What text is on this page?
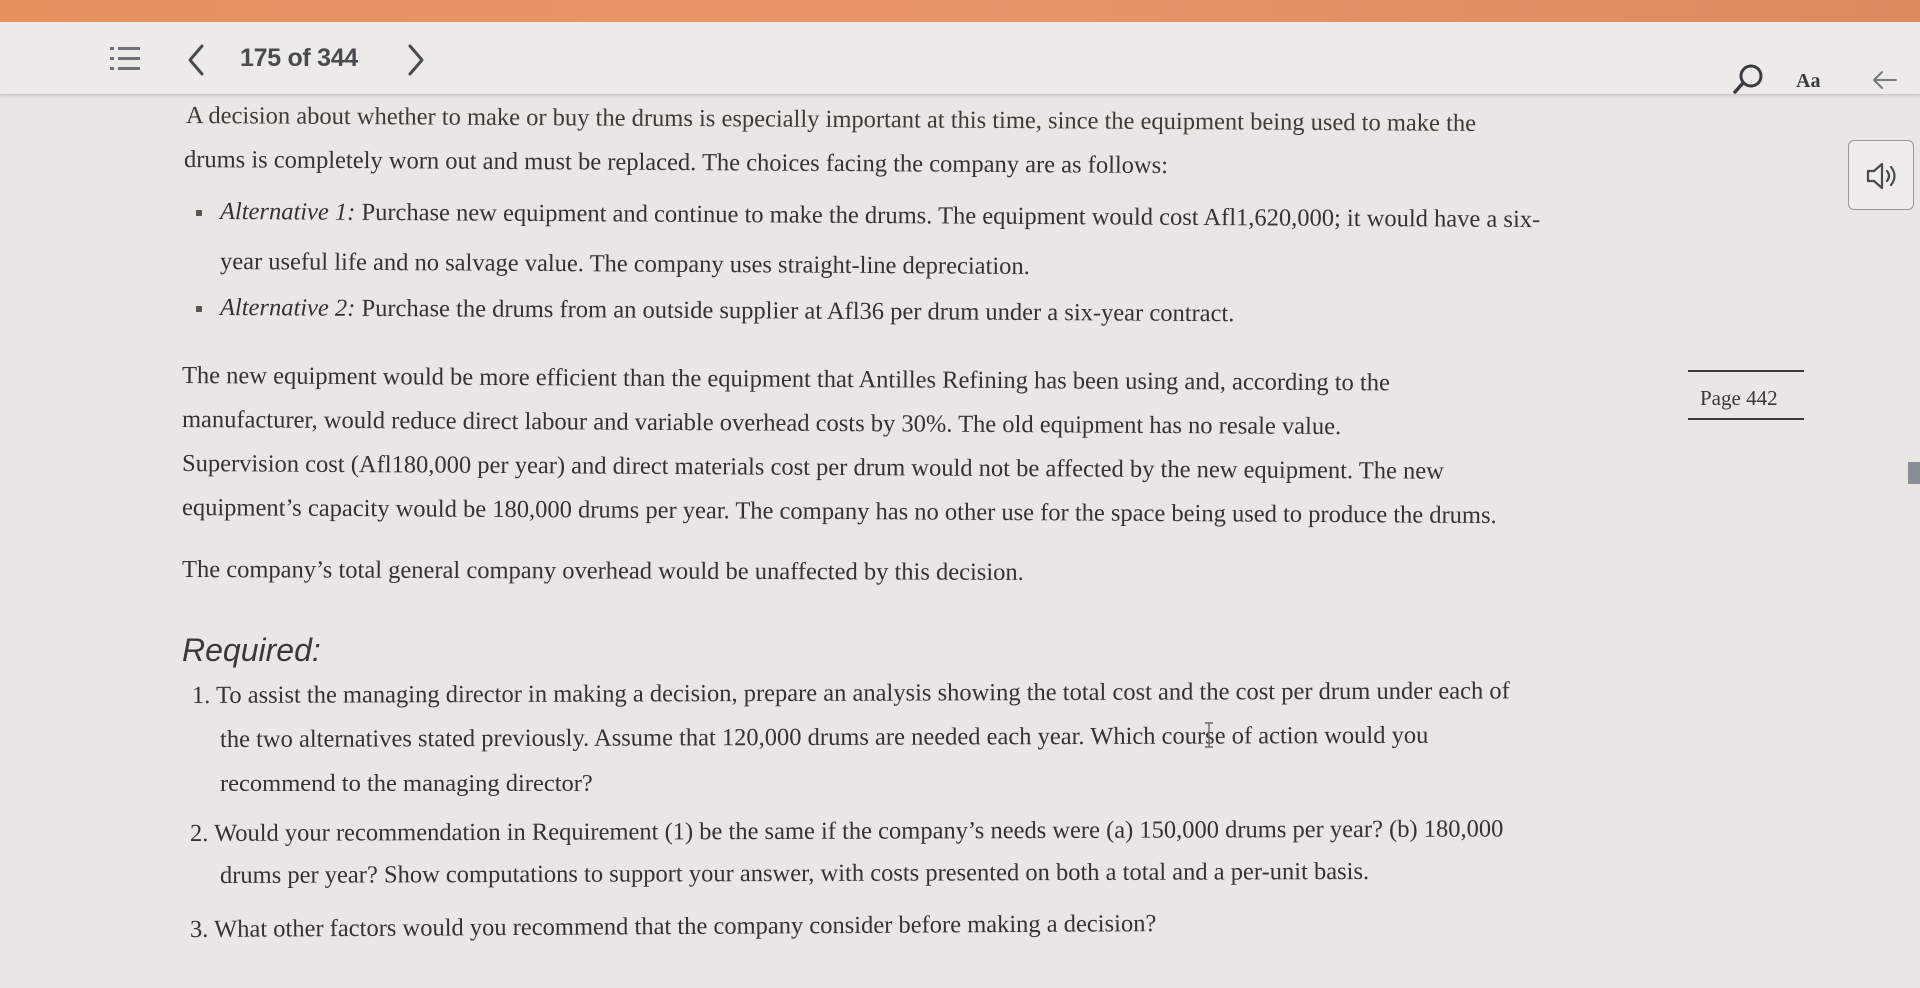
A decision about whether to make or buy the drums is especially important at this time, since the equipment being used to make the
drums is completely worn out and must be replaced. The choices facing the company are as follows:
Alternative 1: Purchase new equipment and continue to make the drums. The equipment would cost Afl1,620,000; it would have a six-
year useful life and no salvage value. The company uses straight-line depreciation.
Alternative 2: Purchase the drums from an outside supplier at Afl36 per drum under a six-year contract.
The new equipment would be more efficient than the equipment that Antilles Refining has been using and, according to the
manufacturer, would reduce direct labour and variable overhead costs by 30%. The old equipment has no resale value.
Supervision cost (Afl180,000 per year) and direct materials cost per drum would not be affected by the new equipment. The new
equipment’s capacity would be 180,000 drums per year. The company has no other use for the space being used to produce the drums.
Page 442
The company’s total general company overhead would be unaffected by this decision.
Required:
1. To assist the managing director in making a decision, prepare an analysis showing the total cost and the cost per drum under each of
the two alternatives stated previously. Assume that 120,000 drums are needed each year. Which course of action would you
recommend to the managing director?
2. Would your recommendation in Requirement (1) be the same if the company’s needs were (a) 150,000 drums per year? (b) 180,000
drums per year? Show computations to support your answer, with costs presented on both a total and a per-unit basis.
3. What other factors would you recommend that the company consider before making a decision?
175 of 344
Aa
